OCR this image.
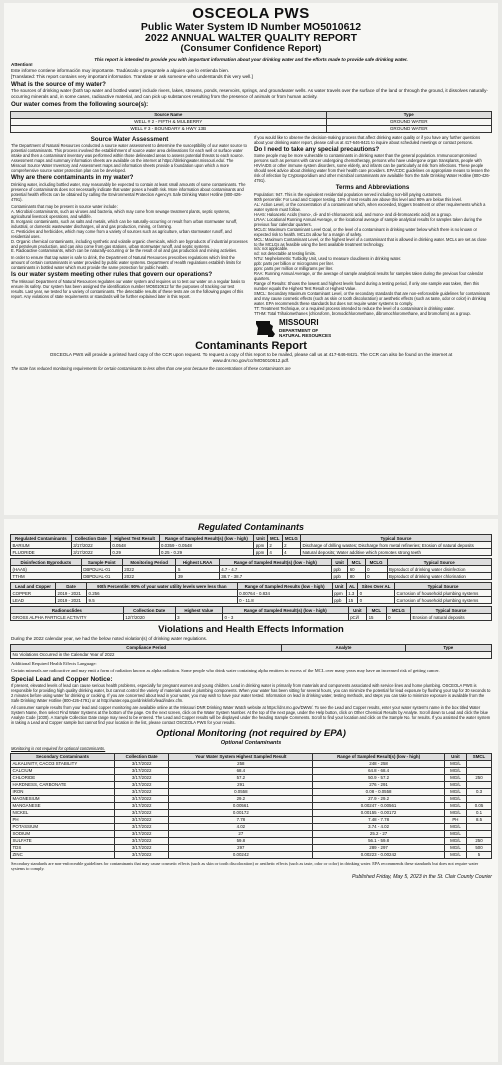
OSCEOLA PWS
Public Water System ID Number MO5010612
2022 ANNUAL WALTER QUALITY REPORT
(Consumer Confidence Report)
This report is intended to provide you with important information about your drinking water and the efforts made to provide safe drinking water.
Attention!
Este informe contiene información muy importante. Tradúscalo o prequntele a alguien que lo entienda bien.
[Translated: This report contains very important information. Translate or ask someone who understands this very well.]
What is the source of my water?
The sources of drinking water (both tap water and bottled water) include rivers, lakes, streams, ponds, reservoirs, springs, and groundwater wells. As water travels over the surface of the land or through the ground, it dissolves naturally-occurring minerals and, in some cases, radioactive material, and can pick up substances resulting from the presence of animals or from human activity.
Our water comes from the following source(s):
Source Name	Type
WELL # 2 - FIFTH & MULBERRY	GROUND WATER
WELL # 3 - BOUNDARY & HWY 13B	GROUND WATER
Source Water Assessment
The Department of Natural Resources conducted a source water assessment to determine the susceptibility of our water source to potential contaminants. This process involved the establishment of source water area delineations for each well or surface water intake and then a contaminant inventory was performed within those delineated areas to assess potential threats to each source. Assessment maps and summary information sheets are available on the internet at https://drinkingwater.missouri.edu/. The Missouri Source Water Inventory and Assessment maps and information sheets provide a foundation upon which a more comprehensive source water protection plan can be developed.
Why are there contaminants in my water?
Drinking water, including bottled water, may reasonably be expected to contain at least small amounts of some contaminants. The presence of contaminants does not necessarily indicate that water poses a health risk. More information about contaminants and potential health effects can be obtained by calling the Environmental Protection Agency's Safe Drinking Water Hotline (800-426-4791).
Contaminants that may be present in source water include:
A. Microbial contaminants, such as viruses and bacteria, which may come from sewage treatment plants, septic systems, agricultural livestock operations, and wildlife.
B. Inorganic contaminants, such as salts and metals, which can be naturally-occurring or result from urban stormwater runoff, industrial, or domestic wastewater discharges, oil and gas production, mining, or farming.
C. Pesticides and herbicides, which may come from a variety of sources such as agriculture, urban stormwater runoff, and residential uses.
D. Organic chemical contaminants, including synthetic and volatile organic chemicals, which are byproducts of industrial processes and petroleum production, and can also come from gas stations, urban stormwater runoff, and septic systems.
E. Radioactive contaminants, which can be naturally-occurring or be the result of oil and gas production and mining activities.
In order to ensure that tap water is safe to drink, the Department of Natural Resources prescribes regulations which limit the amount of certain contaminants in water provided by public water systems. Department of Health regulations establish limits for contaminants in bottled water which must provide the same protection for public health.
Is our water system meeting other rules that govern our operations?
The Missouri Department of Natural Resources regulates our water system and requires us to test our water on a regular basis to ensure its safety. Our system has been assigned the identification number MO5010612 for the purposes of tracking our test results. Last year, we tested for a variety of contaminants. The detectable results of these tests are on the following pages of this report. Any violations of state requirements or standards will be further explained later in this report.
If you would like to observe the decision-making process that affect drinking water quality or if you have any further questions about your drinking water report, please call us at 417-646-8421 to inquire about scheduled meetings or contact persons.
Do I need to take any special precautions?
Some people may be more vulnerable to contaminants in drinking water than the general population. Immunocompromised persons such as persons with cancer undergoing chemotherapy, persons who have undergone organ transplants, people with HIV/AIDS or other immune system disorders, some elderly, and infants can be particularly at risk from infections. These people should seek advice about drinking water from their health care providers. EPA/CDC guidelines on appropriate means to lessen the risk of infection by Cryptosporidium and other microbial contaminants are available from the Safe Drinking Water Hotline (800-426-4791).
Terms and Abbreviations
Population: 947. This is the equivalent residential population served including non-bill paying customers.
90th percentile: For Lead and Copper testing. 10% of test results are above this level and 90% are below this level.
AL: Action Level, or the concentration of a contaminant which, when exceeded, triggers treatment or other requirements which a water system must follow.
HAA5: Haloacetic Acids (mono-, di- and tri-chloroacetic acid, and mono- and di-bromoacetic acid) as a group.
LRAA: Locational Running Annual Average, or the locational average of sample analytical results for samples taken during the previous four calendar quarters.
MCLG: Maximum Contaminant Level Goal, or the level of a contaminant in drinking water below which there is no known or expected risk to health. MCLGs allow for a margin of safety.
MCL: Maximum Contaminant Level, or the highest level of a contaminant that is allowed in drinking water. MCLs are set as close to the MCLGs as feasible using the best available treatment technology.
n/a: not applicable.
nd: not detectable at testing limits.
NTU: Nephelometric Turbidity Unit, used to measure cloudiness in drinking water.
ppb: parts per billion or micrograms per liter.
ppm: parts per million or milligrams per liter.
RAA: Running Annual Average, or the average of sample analytical results for samples taken during the previous four calendar quarters.
Range of Results: Shows the lowest and highest levels found during a testing period, if only one sample was taken, then this number equals the Highest Test Result or Highest Value.
SMCL: Secondary Maximum Contaminant Level, or the secondary standards that are non-enforceable guidelines for contaminants and may cause cosmetic effects (such as skin or tooth discoloration) or aesthetic effects (such as taste, odor or color) in drinking water. EPA recommends these standards but does not require water systems to comply.
TT: Treatment Technique, or a required process intended to reduce the level of a contaminant in drinking water.
TTHM: Total Trihalomethanes (chloroform, bromodichloromethane, dibromochloromethane, and bromoform) as a group.
MISSOURI
DEPARTMENT OF
NATURAL RESOURCES
Contaminants Report
OSCEOLA PWS will provide a printed hard copy of the CCR upon request. To request a copy of this report to be mailed, please call us at 417-646-8421. The CCR can also be found on the internet at www.dnr.mo.gov/ccr/MO5010612.pdf.
The state has reduced monitoring requirements for certain contaminants to less often than one year because the concentrations of these contaminants are
Regulated Contaminants
Regulated Contaminants	Collection Date	Highest Test Result	Range of Sampled Result(s) (low - high)	Unit	MCL	MCLG	Typical Source
BARIUM	3/17/2022	0.0548	0.0359 - 0.0548	ppm	2	2	Discharge of drilling wastes; Discharge from metal refineries; Erosion of natural deposits
FLUORIDE	3/17/2022	0.29	0.25 - 0.29	ppm	4	4	Natural deposits; Water additive which promotes strong teeth
Disinfection Byproducts	Sample Point	Monitoring Period	Highest LRAA	Range of Sampled Result(s) (low - high)	Unit	MCL	MCLG	Typical Source
(HAA5)	DBPDUAL-01	2022	5	4.7 - 4.7	ppb	60	0	Byproduct of drinking water disinfection
TTHM	DBPDUAL-01	2022	39	38.7 - 38.7	ppb	80	0	Byproduct of drinking water chlorination
Lead and Copper	Date	90th Percentile: 90% of your water utility levels were less than	Range of Sampled Results (low - high)	Unit	AL	Sites Over AL	Typical Source
COPPER	2019 - 2021	0.256	0.00764 - 0.834	ppm	1.3	0	Corrosion of household plumbing systems
LEAD	2019 - 2021	9.5	0 - 11.8	ppb	15	0	Corrosion of household plumbing systems
Radionuclides	Collection Date	Highest Value	Range of Sampled Result(s) (low - high)	Unit	MCL	MCLG	Typical Source
GROSS ALPHA PARTICLE ACTIVITY	12/7/2020	3	0 - 3	pCi/l	15	0	Erosion of natural deposits
Violations and Health Effects Information
During the 2022 calendar year, we had the below noted violation(s) of drinking water regulations.
Compliance Period	Analyte	Type
No Violations Occurred in the Calendar Year of 2022
Additional Required Health Effects Language:
Certain minerals are radioactive and may emit a form of radiation known as alpha radiation. Some people who drink water containing alpha emitters in excess of the MCL over many years may have an increased risk of getting cancer.
Special Lead and Copper Notice:
If present, elevated levels of lead can cause serious health problems, especially for pregnant women and young children. Lead in drinking water is primarily from materials and components associated with service lines and home plumbing. OSCEOLA PWS is responsible for providing high quality drinking water, but cannot control the variety of materials used in plumbing components. When your water has been sitting for several hours, you can minimize the potential for lead exposure by flushing your tap for 30 seconds to 2 minutes before using water for drinking or cooking. If you are concerned about lead in your water, you may wish to have your water tested. Information on lead in drinking water, testing methods, and steps you can take to minimize exposure is available from the Safe Drinking Water Hotline (800-426-4791) or at http://water.epa.gov/drink/info/lead/index.cfm.
All consumer sample results from your lead and copper monitoring are available online at the Missouri DNR Drinking Water Watch website at https://dnr.mo.gov/DWW/. To see the Lead and Copper results, enter your water system's name in the box titled Water System Name, then select Find Water Systems at the bottom of the page. On the next screen, click on the Water System Number. At the top of the next page, under the Help button, click on Other Chemical Results by Analyte. Scroll down to Lead and click the blue Analyte Code (1030). A Sample Collection Date range may need to be entered. The Lead and Copper results will be displayed under the heading Sample Comments. Scroll to find your location and click on the Sample No. for results. If you assisted the water system in taking a Lead and Copper sample but cannot find your location in the list, please contact OSCEOLA PWS for your results.
Optional Monitoring (not required by EPA)
Optional Contaminants
Monitoring is not required for optional contaminants.
Secondary Contaminants	Collection Date	Your Water System Highest Sampled Result	Range of Sampled Result(s) (low - high)	Unit	SMCL
ALKALINITY, CACO3 STABILITY	3/17/2022	258	248 - 258	MG/L	
CALCIUM	3/17/2022	68.4	64.8 - 68.4	MG/L	
CHLORIDE	3/17/2022	57.2	50.9 - 57.2	MG/L	250
HARDNESS, CARBONATE	3/17/2022	291	276 - 291	MG/L	
IRON	3/17/2022	0.0558	0.08 - 0.0558	MG/L	0.3
MAGNESIUM	3/17/2022	29.2	27.9 - 29.2	MG/L	
MANGANESE	3/17/2022	0.00561	0.00247 - 0.00561	MG/L	0.05
NICKEL	3/17/2022	0.00172	0.00155 - 0.00172	MG/L	0.1
PH	3/17/2022	7.78	7.48 - 7.78	PH	8.5
POTASSIUM	3/17/2022	4.02	3.74 - 4.02	MG/L	
SODIUM	3/17/2022	27	25.2 - 27	MG/L	
SULFATE	3/17/2022	59.8	56.1 - 59.8	MG/L	250
TDS	3/17/2022	297	289 - 297	MG/L	500
ZINC	3/17/2022	0.00242	0.00223 - 0.00242	MG/L	5
Secondary standards are non-enforceable guidelines for contaminants that may cause cosmetic effects (such as skin or tooth discoloration) or aesthetic effects (such as taste, odor or color) in drinking water. EPA recommends these standards but does not require water systems to comply.
Published Friday, May 5, 2023 in the St. Clair County Courier
